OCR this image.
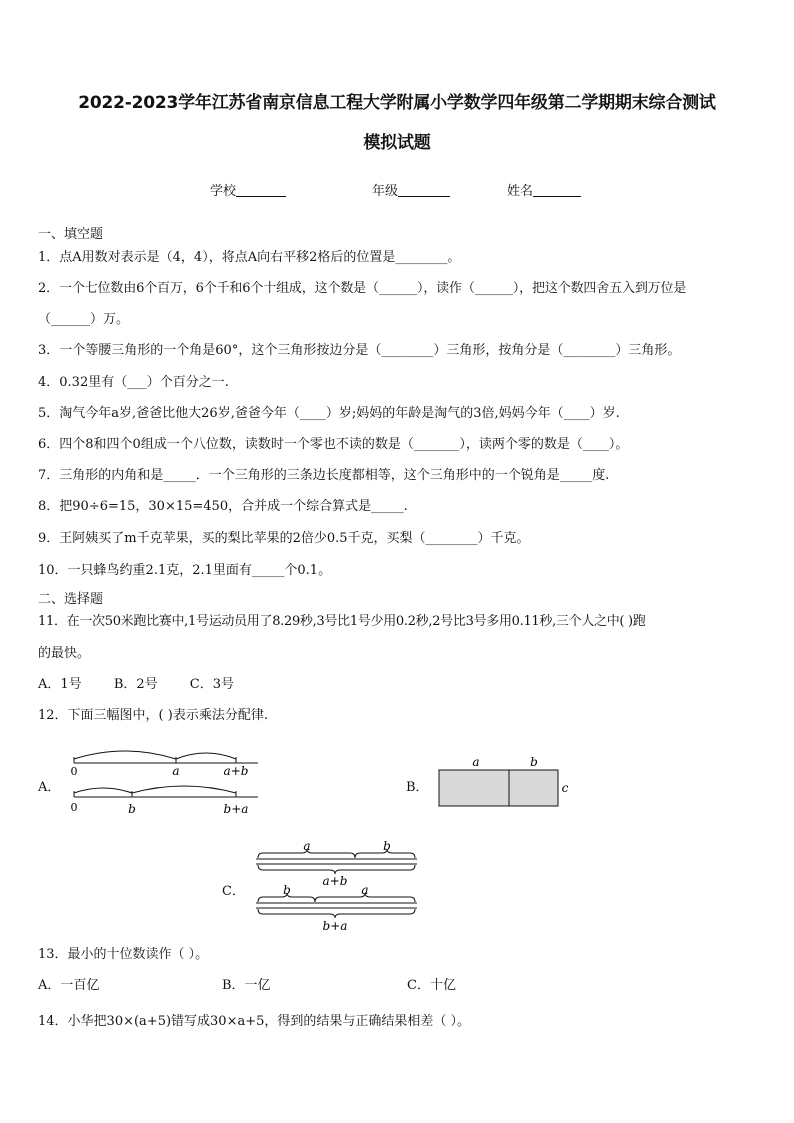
2022-2023学年江苏省南京信息工程大学附属小学数学四年级第二学期期末综合测试
模拟试题
学校	年级	姓名
一、填空题
1．点A用数对表示是（4，4），将点A向右平移2格后的位置是________。
2．一个七位数由6个百万，6个千和6个十组成，这个数是（______），读作（______），把这个数四舍五入到万位是
（______）万。
3．一个等腰三角形的一个角是60°，这个三角形按边分是（________）三角形，按角分是（________）三角形。
4．0.32里有（___）个百分之一.
5．淘气今年a岁,爸爸比他大26岁,爸爸今年（____）岁;妈妈的年龄是淘气的3倍,妈妈今年（____）岁.
6．四个8和四个0组成一个八位数，读数时一个零也不读的数是（_______），读两个零的数是（____）。
7．三角形的内角和是_____．一个三角形的三条边长度都相等，这个三角形中的一个锐角是_____度.
8．把90÷6=15，30×15=450，合并成一个综合算式是_____.
9．王阿姨买了m千克苹果，买的梨比苹果的2倍少0.5千克，买梨（________）千克。
10．一只蜂鸟约重2.1克，2.1里面有_____个0.1。
二、选择题
11．在一次50米跑比赛中,1号运动员用了8.29秒,3号比1号少用0.2秒,2号比3号多用0.11秒,三个人之中( )跑
的最快。
A．1号 B．2号 C．3号
12．下面三幅图中，( )表示乘法分配律.
A．
0	a	a+b
0	b	b+a
B．
a	b
c
C．
a	b
a+b
b	a
b+a
13．最小的十位数读作（ ）。
A．一百亿	B．一亿	C．十亿
14．小华把30×(a+5)错写成30×a+5，得到的结果与正确结果相差（ ）。
